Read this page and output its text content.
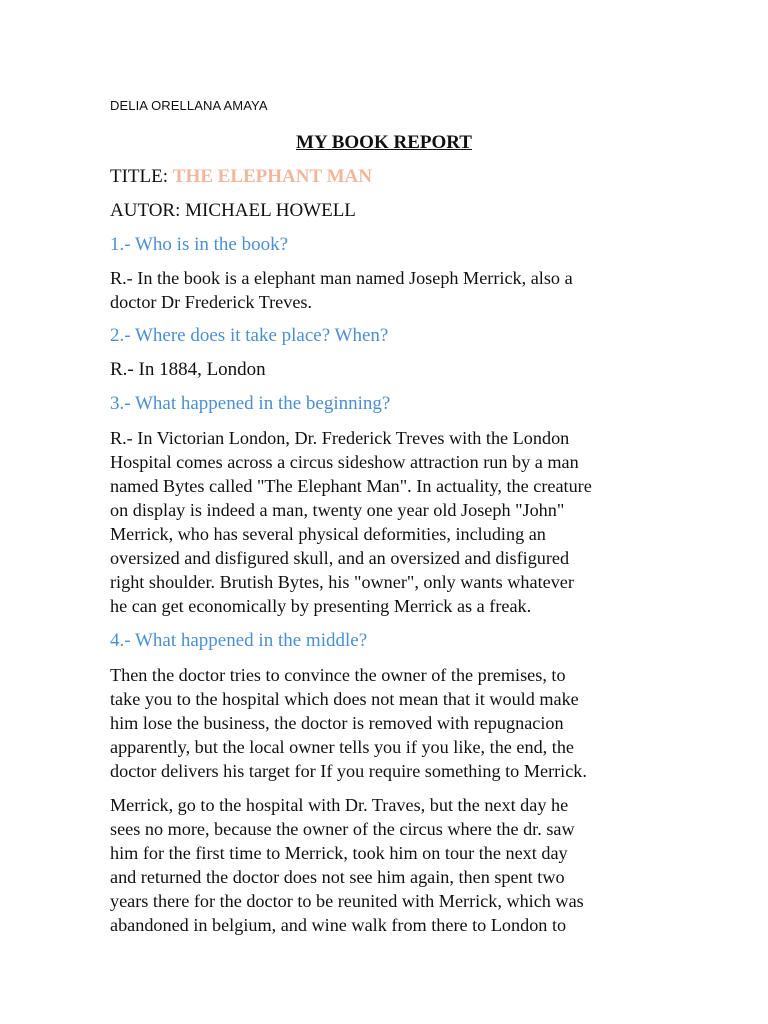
DELIA ORELLANA AMAYA
MY BOOK REPORT
TITLE: THE ELEPHANT MAN
AUTOR: MICHAEL HOWELL
1.- Who is in the book?
R.- In the book is a elephant man named Joseph Merrick, also a
doctor Dr Frederick Treves.
2.- Where does it take place? When?
R.- In 1884, London
3.- What happened in the beginning?
R.- In Victorian London, Dr. Frederick Treves with the London
Hospital comes across a circus sideshow attraction run by a man
named Bytes called "The Elephant Man". In actuality, the creature
on display is indeed a man, twenty one year old Joseph "John"
Merrick, who has several physical deformities, including an
oversized and disfigured skull, and an oversized and disfigured
right shoulder. Brutish Bytes, his "owner", only wants whatever
he can get economically by presenting Merrick as a freak.
4.- What happened in the middle?
Then the doctor tries to convince the owner of the premises, to
take you to the hospital which does not mean that it would make
him lose the business, the doctor is removed with repugnacion
apparently, but the local owner tells you if you like, the end, the
doctor delivers his target for If you require something to Merrick.
Merrick, go to the hospital with Dr. Traves, but the next day he
sees no more, because the owner of the circus where the dr. saw
him for the first time to Merrick, took him on tour the next day
and returned the doctor does not see him again, then spent two
years there for the doctor to be reunited with Merrick, which was
abandoned in belgium, and wine walk from there to London to
